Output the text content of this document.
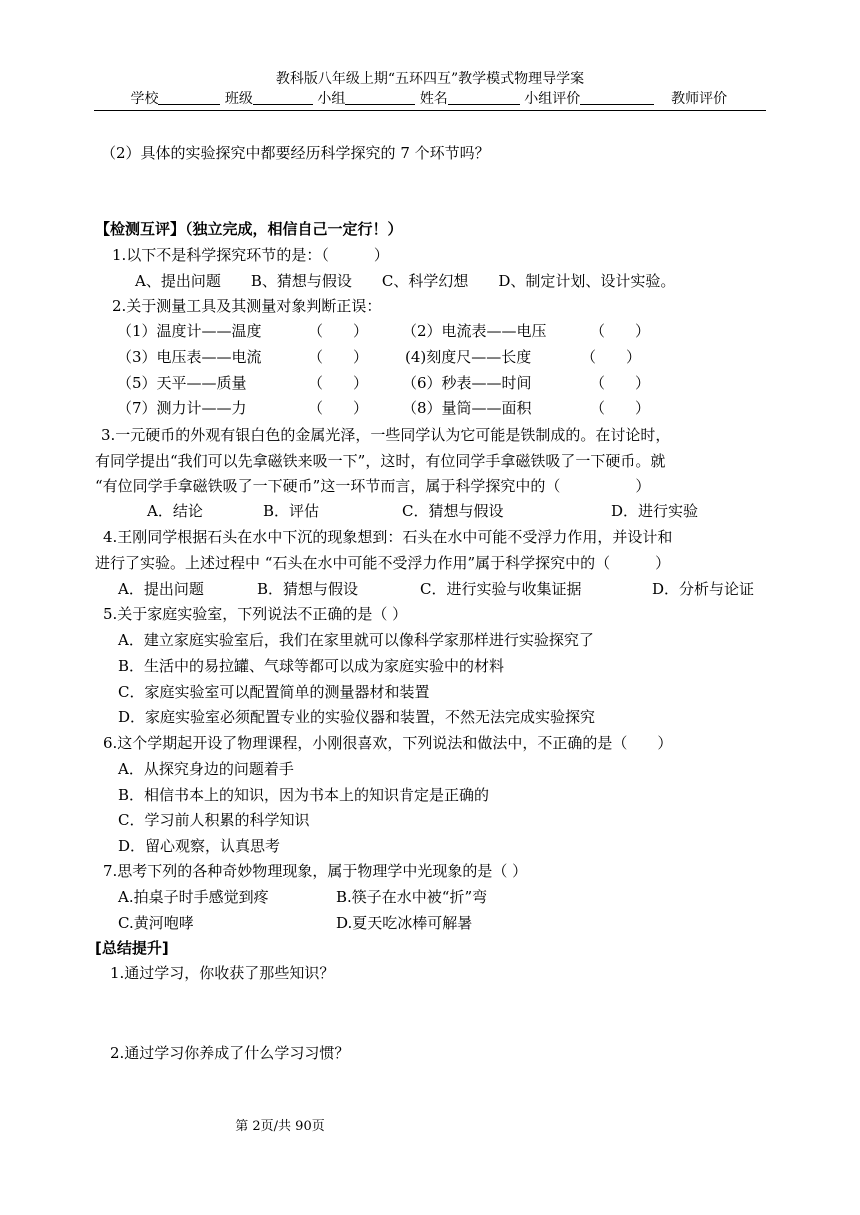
教科版八年级上期“五环四互”教学模式物理导学案
学校	班级	小组	姓名	小组评价	教师评价
（2）具体的实验探究中都要经历科学探究的 7 个环节吗？
【检测互评】（独立完成，相信自己一定行！）
1.以下不是科学探究环节的是：（　　　）
A、提出问题　　B、猜想与假设　　C、科学幻想　　D、制定计划、设计实验。
2.关于测量工具及其测量对象判断正误：
（1）温度计——温度	（　　） （2）电流表——电压	（　　）
（3）电压表——电流	（　　） (4)刻度尺——长度	（　　）
（5）天平——质量	（　　） （6）秒表——时间	（　　）
（7）测力计——力	（　　） （8）量筒——面积	（　　）
3.一元硬币的外观有银白色的金属光泽，一些同学认为它可能是铁制成的。在讨论时，
有同学提出“我们可以先拿磁铁来吸一下”，这时，有位同学手拿磁铁吸了一下硬币。就
“有位同学手拿磁铁吸了一下硬币”这一环节而言，属于科学探究中的（　　　　　）
A．结论	B．评估	C．猜想与假设	D．进行实验
4.王刚同学根据石头在水中下沉的现象想到：石头在水中可能不受浮力作用，并设计和
进行了实验。上述过程中 “石头在水中可能不受浮力作用”属于科学探究中的（　　　）
A．提出问题	B．猜想与假设	C．进行实验与收集证据	D．分析与论证
5.关于家庭实验室，下列说法不正确的是（ ）
A．建立家庭实验室后，我们在家里就可以像科学家那样进行实验探究了
B．生活中的易拉罐、气球等都可以成为家庭实验中的材料
C．家庭实验室可以配置简单的测量器材和装置
D．家庭实验室必须配置专业的实验仪器和装置，不然无法完成实验探究
6.这个学期起开设了物理课程，小刚很喜欢，下列说法和做法中，不正确的是（　　）
A．从探究身边的问题着手
B．相信书本上的知识，因为书本上的知识肯定是正确的
C．学习前人积累的科学知识
D．留心观察，认真思考
7.思考下列的各种奇妙物理现象，属于物理学中光现象的是（ ）
A.拍桌子时手感觉到疼	B.筷子在水中被“折”弯
C.黄河咆哮	D.夏天吃冰棒可解暑
[总结提升]
1.通过学习，你收获了那些知识？
2.通过学习你养成了什么学习习惯？
第 2页/共 90页
